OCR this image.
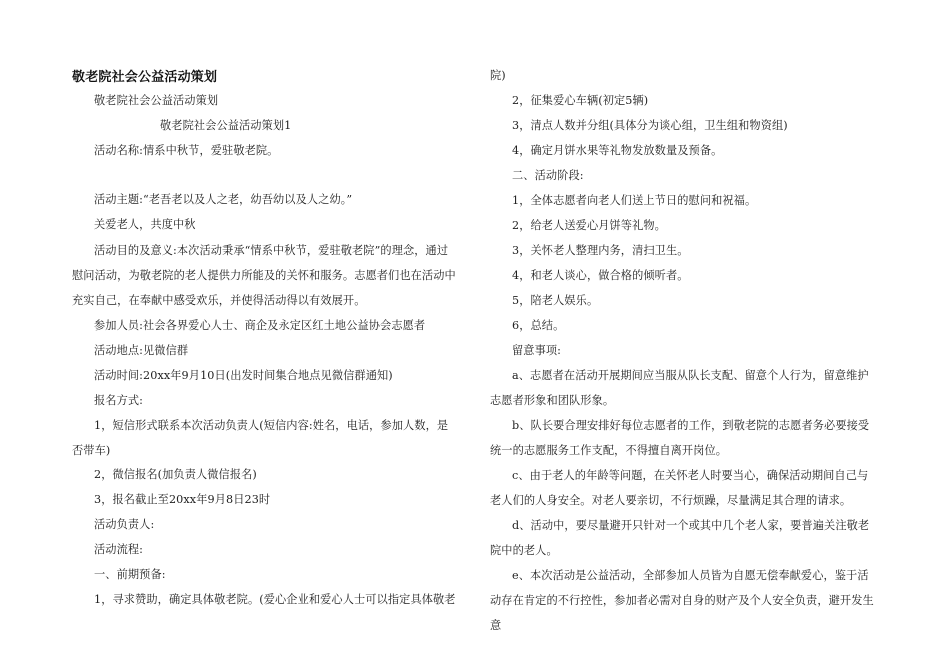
敬老院社会公益活动策划
敬老院社会公益活动策划
敬老院社会公益活动策划1
活动名称:情系中秋节，爱驻敬老院。
活动主题:“老吾老以及人之老，幼吾幼以及人之幼。”
关爱老人，共度中秋
活动目的及意义:本次活动秉承“情系中秋节，爱驻敬老院”的理念，通过慰问活动，为敬老院的老人提供力所能及的关怀和服务。志愿者们也在活动中充实自己，在奉献中感受欢乐，并使得活动得以有效展开。
参加人员:社会各界爱心人士、商企及永定区红土地公益协会志愿者
活动地点:见微信群
活动时间:20xx年9月10日(出发时间集合地点见微信群通知)
报名方式:
1，短信形式联系本次活动负责人(短信内容:姓名，电话，参加人数，是否带车)
2，微信报名(加负责人微信报名)
3，报名截止至20xx年9月8日23时
活动负责人:
活动流程:
一、前期预备:
1，寻求赞助，确定具体敬老院。(爱心企业和爱心人士可以指定具体敬老
院)
2，征集爱心车辆(初定5辆)
3，清点人数并分组(具体分为谈心组，卫生组和物资组)
4，确定月饼水果等礼物发放数量及预备。
二、活动阶段:
1，全体志愿者向老人们送上节日的慰问和祝福。
2，给老人送爱心月饼等礼物。
3，关怀老人整理内务，清扫卫生。
4，和老人谈心，做合格的倾听者。
5，陪老人娱乐。
6，总结。
留意事项:
a、志愿者在活动开展期间应当服从队长支配、留意个人行为，留意维护志愿者形象和团队形象。
b、队长要合理安排好每位志愿者的工作，到敬老院的志愿者务必要接受统一的志愿服务工作支配，不得擅自离开岗位。
c、由于老人的年龄等问题，在关怀老人时要当心，确保活动期间自己与老人们的人身安全。对老人要亲切，不行烦躁，尽量满足其合理的请求。
d、活动中，要尽量避开只针对一个或其中几个老人家，要普遍关注敬老院中的老人。
e、本次活动是公益活动，全部参加人员皆为自愿无偿奉献爱心，鉴于活动存在肯定的不行控性，参加者必需对自身的财产及个人安全负责，避开发生意
